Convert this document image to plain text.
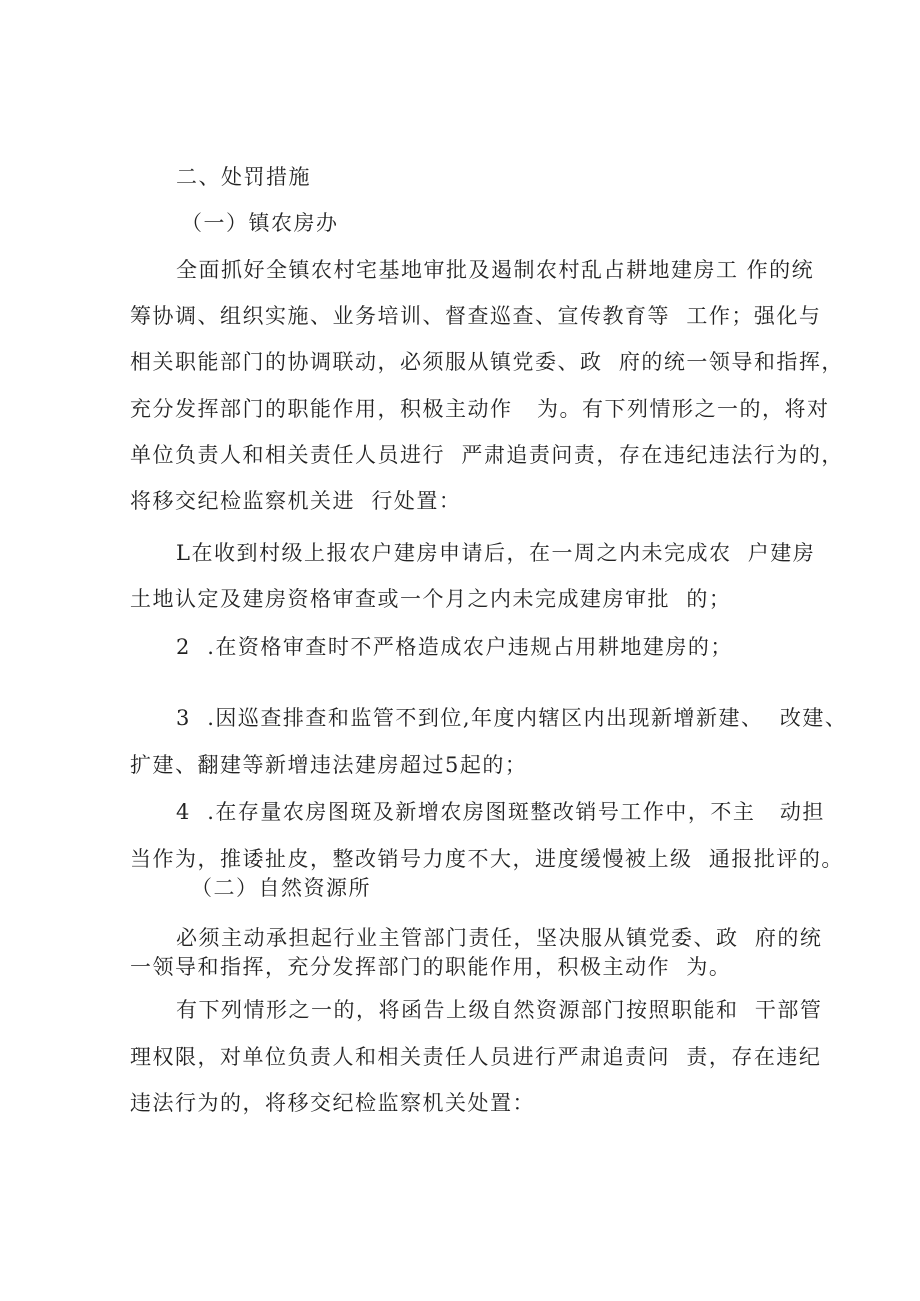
二、处罚措施
（一）镇农房办
全面抓好全镇农村宅基地审批及遏制农村乱占耕地建房工 作的统
筹协调、组织实施、业务培训、督查巡查、宣传教育等  工作；强化与
相关职能部门的协调联动，必须服从镇党委、政  府的统一领导和指挥，
充分发挥部门的职能作用，积极主动作   为。有下列情形之一的，将对
单位负责人和相关责任人员进行  严肃追责问责，存在违纪违法行为的，
将移交纪检监察机关进  行处置：
L在收到村级上报农户建房申请后，在一周之内未完成农  户建房
土地认定及建房资格审查或一个月之内未完成建房审批  的；
2  .在资格审查时不严格造成农户违规占用耕地建房的；
3  .因巡查排查和监管不到位,年度内辖区内出现新增新建、  改建、
扩建、翻建等新增违法建房超过5起的；
4  .在存量农房图斑及新增农房图斑整改销号工作中，不主   动担
当作为，推诿扯皮，整改销号力度不大，进度缓慢被上级  通报批评的。
（二）自然资源所
必须主动承担起行业主管部门责任，坚决服从镇党委、政  府的统
一领导和指挥，充分发挥部门的职能作用，积极主动作  为。
有下列情形之一的，将函告上级自然资源部门按照职能和  干部管
理权限，对单位负责人和相关责任人员进行严肃追责问  责，存在违纪
违法行为的，将移交纪检监察机关处置：
